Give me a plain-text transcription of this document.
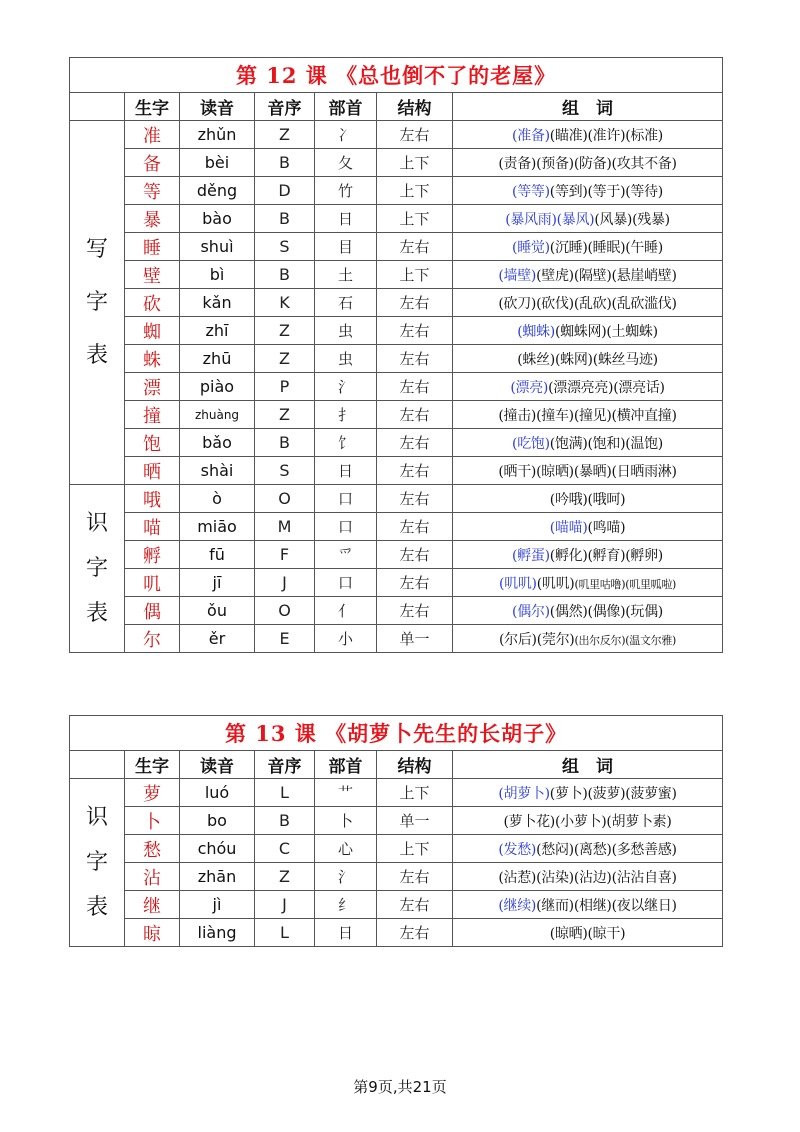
第 12 课 《总也倒不了的老屋》						
	生字	读音	音序	部首	结构	组　词

写
字
表	准	zhǔn	Z	冫	左右	(准备)(瞄准)(准许)(标准)
	备	bèi	B	夂	上下	(责备)(预备)(防备)(攻其不备)
	等	děng	D	竹	上下	(等等)(等到)(等于)(等待)
	暴	bào	B	日	上下	(暴风雨)(暴风)(风暴)(残暴)
	睡	shuì	S	目	左右	(睡觉)(沉睡)(睡眠)(午睡)
	壁	bì	B	土	上下	(墙壁)(壁虎)(隔壁)(悬崖峭壁)
	砍	kǎn	K	石	左右	(砍刀)(砍伐)(乱砍)(乱砍滥伐)
	蜘	zhī	Z	虫	左右	(蜘蛛)(蜘蛛网)(土蜘蛛)
	蛛	zhū	Z	虫	左右	(蛛丝)(蛛网)(蛛丝马迹)
	漂	piào	P	氵	左右	(漂亮)(漂漂亮亮)(漂亮话)
	撞	zhuàng	Z	扌	左右	(撞击)(撞车)(撞见)(横冲直撞)
	饱	bǎo	B	饣	左右	(吃饱)(饱满)(饱和)(温饱)
	晒	shài	S	日	左右	(晒干)(晾晒)(暴晒)(日晒雨淋)

识
字
表	哦	ò	O	口	左右	(吟哦)(哦呵)
	喵	miāo	M	口	左右	(喵喵)(鸣喵)
	孵	fū	F	爫	左右	(孵蛋)(孵化)(孵育)(孵卵)
	叽	jī	J	口	左右	(叽叽)(叽叽)(叽里咕噜)(叽里呱啦)
	偶	ǒu	O	亻	左右	(偶尔)(偶然)(偶像)(玩偶)
	尔	ěr	E	小	单一	(尔后)(莞尔)(出尔反尔)(温文尔雅)
第 13 课 《胡萝卜先生的长胡子》						
	生字	读音	音序	部首	结构	组　词

识
字
表	萝	luó	L	艹	上下	(胡萝卜)(萝卜)(菠萝)(菠萝蜜)
	卜	bo	B	卜	单一	(萝卜花)(小萝卜)(胡萝卜素)
	愁	chóu	C	心	上下	(发愁)(愁闷)(离愁)(多愁善感)
	沾	zhān	Z	氵	左右	(沾惹)(沾染)(沾边)(沾沾自喜)
	继	jì	J	纟	左右	(继续)(继而)(相继)(夜以继日)
	晾	liàng	L	日	左右	(晾晒)(晾干)
第9页,共21页
